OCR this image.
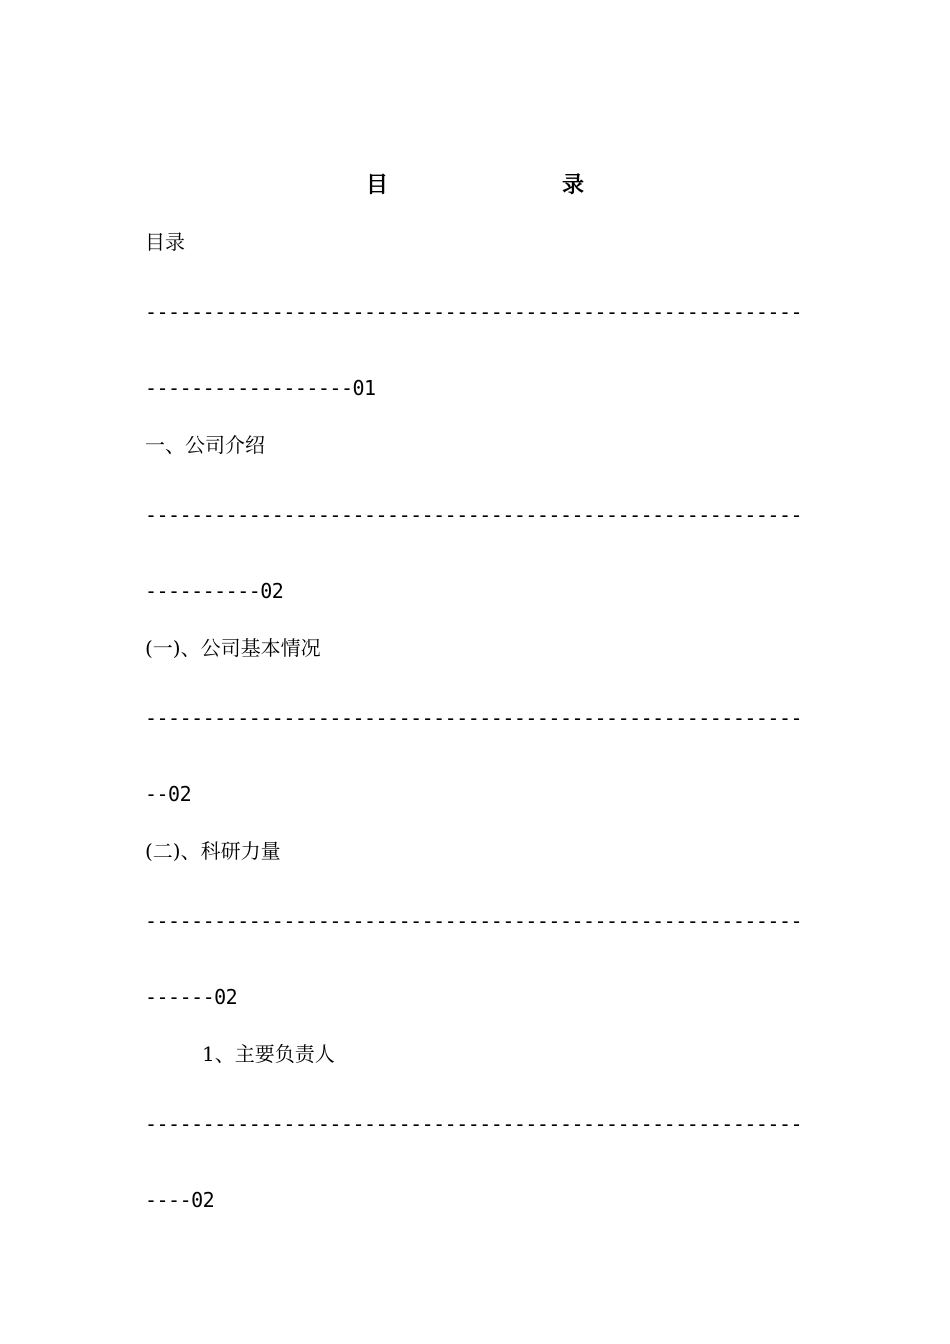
目	录
目录
---------------------------------------------------------
------------------01
一、公司介绍
---------------------------------------------------------
----------02
(一)、公司基本情况
---------------------------------------------------------
--02
(二)、科研力量
---------------------------------------------------------
------02
1、主要负责人
---------------------------------------------------------
----02
